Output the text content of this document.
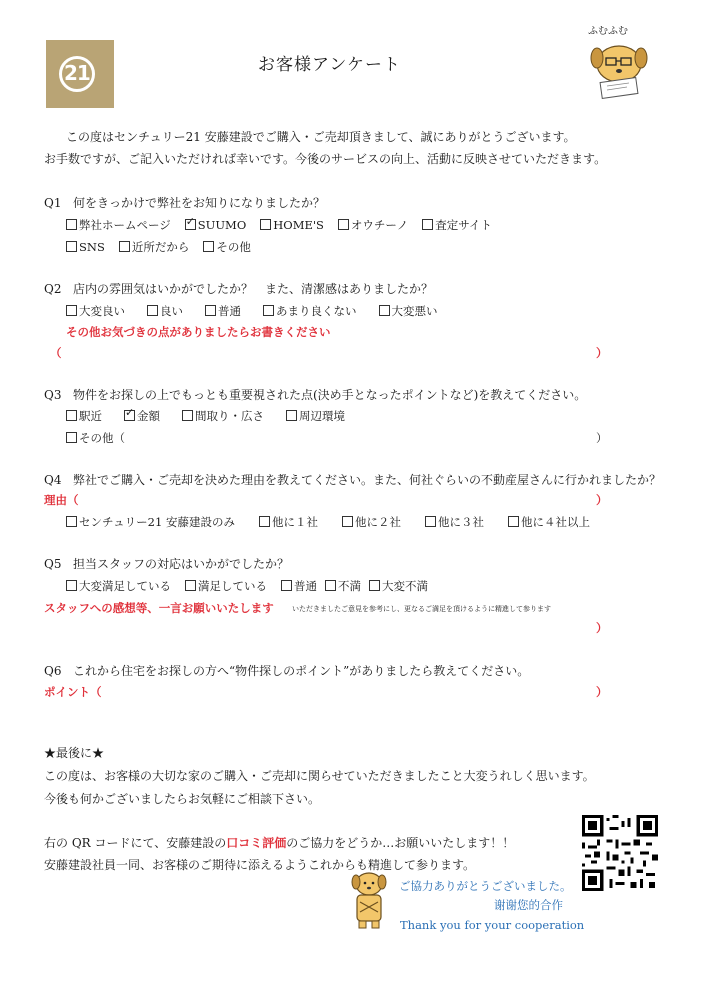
21	お客様アンケート
ふむふむ
この度はセンチュリー21 安藤建設でご購入・ご売却頂きまして、誠にありがとうございます。
お手数ですが、ご記入いただければ幸いです。今後のサービスの向上、活動に反映させていただきます。
Q1 何をきっかけで弊社をお知りになりましたか？
弊社ホームページ ✓ SUUMO HOME'S オウチーノ 査定サイト
SNS 近所だから その他
Q2 店内の雰囲気はいかがでしたか？　また、清潔感はありましたか？
大変良い	良い	普通	あまり良くない	大変悪い
その他お気づきの点がありましたらお書きください
（	）
Q3 物件をお探しの上でもっとも重要視された点(決め手となったポイントなど)を教えてください。
駅近 ✓	金額	間取り・広さ	周辺環境
その他（	）
Q4 弊社でご購入・ご売却を決めた理由を教えてください。また、何社ぐらいの不動産屋さんに行かれましたか？
理由（	）
センチュリー21 安藤建設のみ	他に１社	他に２社	他に３社	他に４社以上
Q5 担当スタッフの対応はいかがでしたか？
大変満足している 満足している 普通 不満 大変不満
スタッフへの感想等、一言お願いいたします	いただきましたご意見を参考にし、更なるご満足を頂けるように精進して参ります
）
Q6 これから住宅をお探しの方へ“物件探しのポイント”がありましたら教えてください。
ポイント（	）
★最後に★
この度は、お客様の大切な家のご購入・ご売却に関らせていただきましたこと大変うれしく思います。
今後も何かございましたらお気軽にご相談下さい。
右の QR コードにて、安藤建設の口コミ評価のご協力をどうか…お願いいたします！！
安藤建設社員一同、お客様のご期待に添えるようこれからも精進して参ります。
ご協力ありがとうございました。
谢谢您的合作
Thank you for your cooperation
